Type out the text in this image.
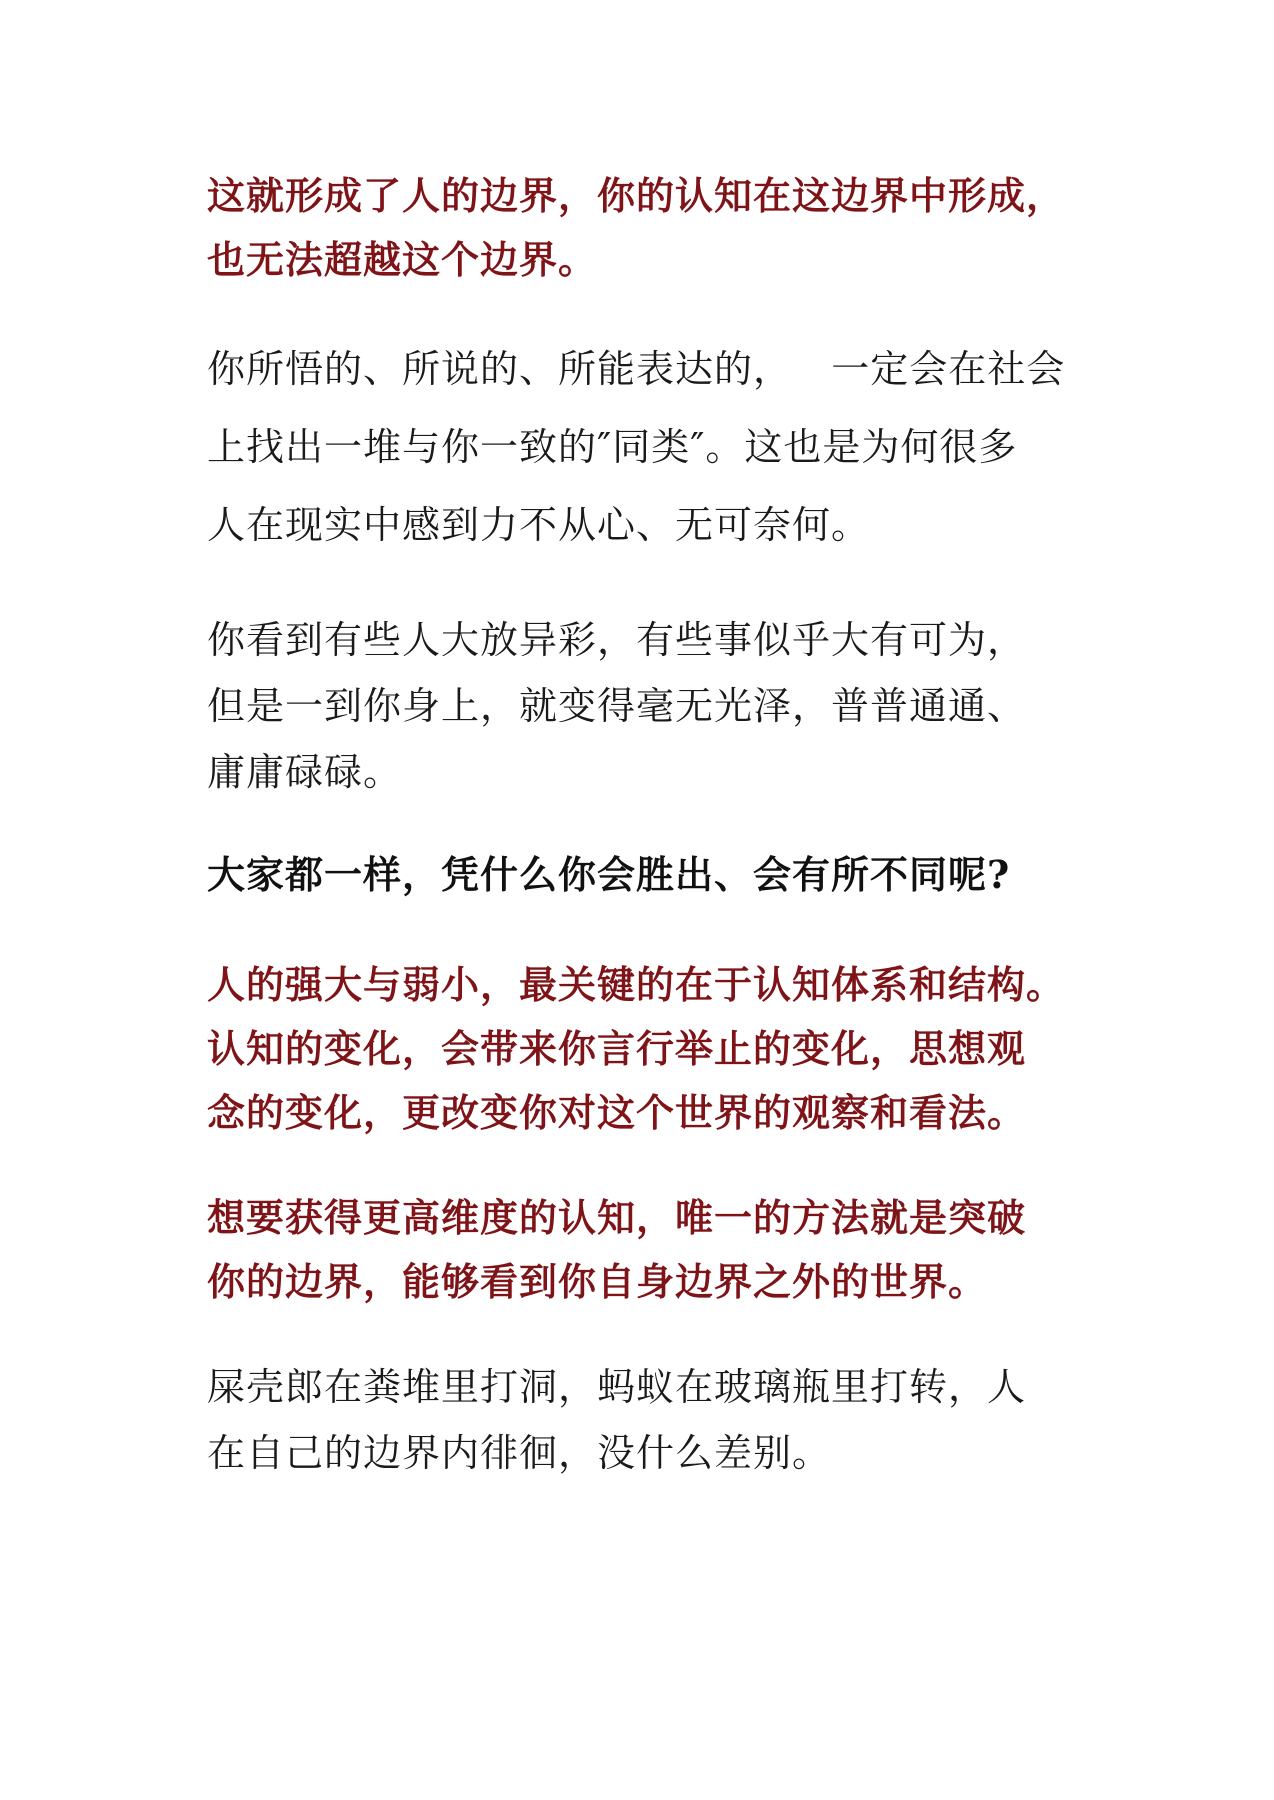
这就形成了人的边界，你的认知在这边界中形成，
也无法超越这个边界。

你所悟的、所说的、所能表达的，   一定会在社会
上找出一堆与你一致的″同类″。这也是为何很多
人在现实中感到力不从心、无可奈何。

你看到有些人大放异彩，有些事似乎大有可为，
但是一到你身上，就变得毫无光泽，普普通通、
庸庸碌碌。

大家都一样，凭什么你会胜出、会有所不同呢?

人的强大与弱小，最关键的在于认知体系和结构。
认知的变化，会带来你言行举止的变化，思想观
念的变化，更改变你对这个世界的观察和看法。

想要获得更高维度的认知，唯一的方法就是突破
你的边界，能够看到你自身边界之外的世界。

屎壳郎在粪堆里打洞，蚂蚁在玻璃瓶里打转，人
在自己的边界内徘徊，没什么差别。
